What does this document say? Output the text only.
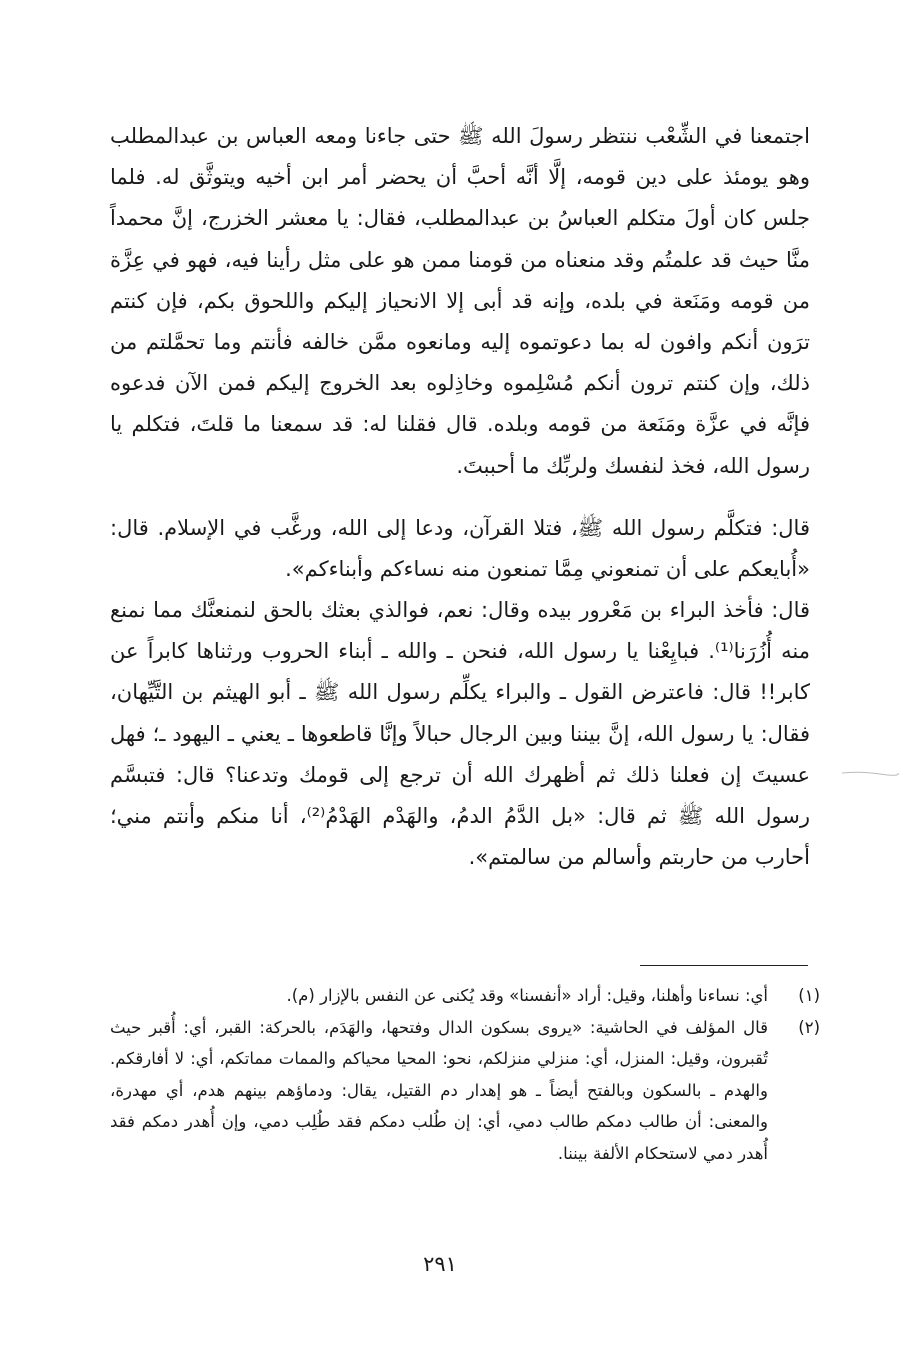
اجتمعنا في الشِّعْب ننتظر رسولَ الله ﷺ حتى جاءنا ومعه العباس بن عبدالمطلب وهو يومئذ على دين قومه، إلَّا أنَّه أحبَّ أن يحضر أمر ابن أخيه ويتوثَّق له. فلما جلس كان أولَ متكلم العباسُ بن عبدالمطلب، فقال: يا معشر الخزرج، إنَّ محمداً منَّا حيث قد علمتُم وقد منعناه من قومنا ممن هو على مثل رأينا فيه، فهو في عِزَّة من قومه ومَنَعة في بلده، وإنه قد أبى إلا الانحياز إليكم واللحوق بكم، فإن كنتم ترَون أنكم وافون له بما دعوتموه إليه ومانعوه ممَّن خالفه فأنتم وما تحمَّلتم من ذلك، وإن كنتم ترون أنكم مُسْلِموه وخاذِلوه بعد الخروج إليكم فمن الآن فدعوه فإنَّه في عزَّة ومَنَعة من قومه وبلده. قال فقلنا له: قد سمعنا ما قلتَ، فتكلم يا رسول الله، فخذ لنفسك ولربِّك ما أحببتَ.

قال: فتكلَّم رسول الله ﷺ، فتلا القرآن، ودعا إلى الله، ورغَّب في الإسلام. قال: «أُبايعكم على أن تمنعوني مِمَّا تمنعون منه نساءكم وأبناءكم».

قال: فأخذ البراء بن مَعْرور بيده وقال: نعم، فوالذي بعثك بالحق لنمنعنَّك مما نمنع منه أُزُرَنا⁽¹⁾. فبايِعْنا يا رسول الله، فنحن ـ والله ـ أبناء الحروب ورثناها كابراً عن كابر!! قال: فاعترض القول ـ والبراء يكلِّم رسول الله ﷺ ـ أبو الهيثم بن التَّيِّهان، فقال: يا رسول الله، إنَّ بيننا وبين الرجال حبالاً وإنَّا قاطعوها ـ يعني ـ اليهود ـ؛ فهل عسيتَ إن فعلنا ذلك ثم أظهرك الله أن ترجع إلى قومك وتدعنا؟ قال: فتبسَّم رسول الله ﷺ ثم قال: «بل الدَّمُ الدمُ، والهَدْم الهَدْمُ⁽²⁾، أنا منكم وأنتم مني؛ أحارب من حاربتم وأسالم من سالمتم».

(١)
أي: نساءنا وأهلنا، وقيل: أراد «أنفسنا» وقد يُكنى عن النفس بالإزار (م).
(٢)
قال المؤلف في الحاشية: «يروى بسكون الدال وفتحها، والهَدَم، بالحركة: القبر، أي: أُقبر حيث تُقبرون، وقيل: المنزل، أي: منزلي منزلكم، نحو: المحيا محياكم والممات مماتكم، أي: لا أفارقكم. والهدم ـ بالسكون وبالفتح أيضاً ـ هو إهدار دم القتيل، يقال: ودماؤهم بينهم هدم، أي مهدرة، والمعنى: أن طالب دمكم طالب دمي، أي: إن طُلب دمكم فقد طُلِب دمي، وإن أُهدر دمكم فقد أُهدر دمي لاستحكام الألفة بيننا.
٢٩١
